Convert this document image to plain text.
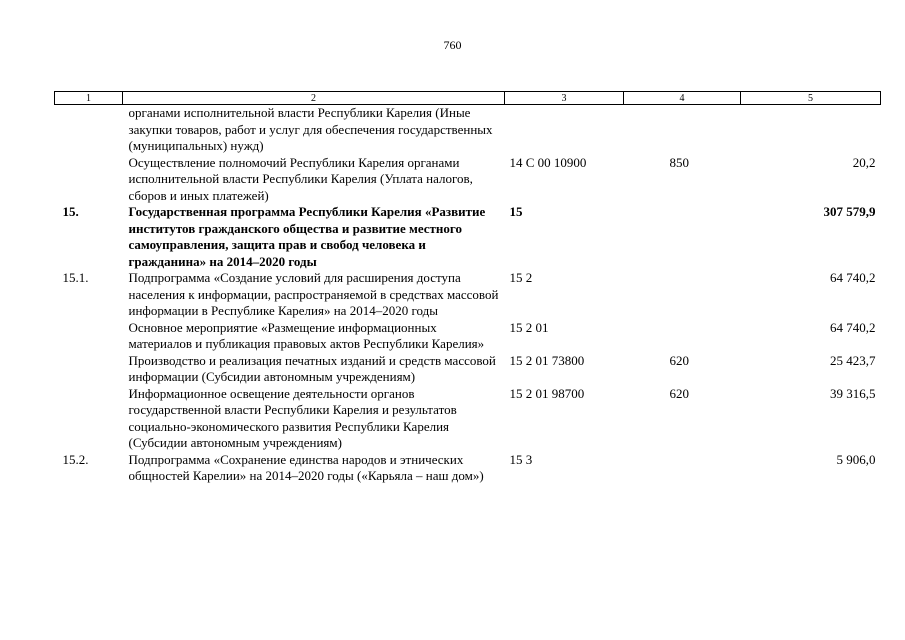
760
1	2	3	4	5
	органами исполнительной власти Республики Карелия (Иные закупки товаров, работ и услуг для обеспечения государственных (муниципальных) нужд)			
	Осуществление полномочий Республики Карелия органами исполнительной власти Республики Карелия (Уплата налогов, сборов и иных платежей)	14 С 00 10900	850	20,2
15.	Государственная программа Республики Карелия «Развитие институтов гражданского общества и развитие местного самоуправления, защита прав и свобод человека и гражданина» на 2014–2020 годы	15		307 579,9
15.1.	Подпрограмма «Создание условий для расширения доступа населения к информации, распространяемой в средствах массовой информации в Республике Карелия» на 2014–2020 годы	15 2		64 740,2
	Основное мероприятие «Размещение информационных материалов и публикация правовых актов Республики Карелия»	15 2 01		64 740,2
	Производство и реализация печатных изданий и средств массовой информации (Субсидии автономным учреждениям)	15 2 01 73800	620	25 423,7
	Информационное освещение деятельности органов государственной власти Республики Карелия и результатов социально-экономического развития Республики Карелия (Субсидии автономным учреждениям)	15 2 01 98700	620	39 316,5
15.2.	Подпрограмма «Сохранение единства народов и этнических общностей Карелии» на 2014–2020 годы («Карьяла – наш дом»)	15 3		5 906,0
